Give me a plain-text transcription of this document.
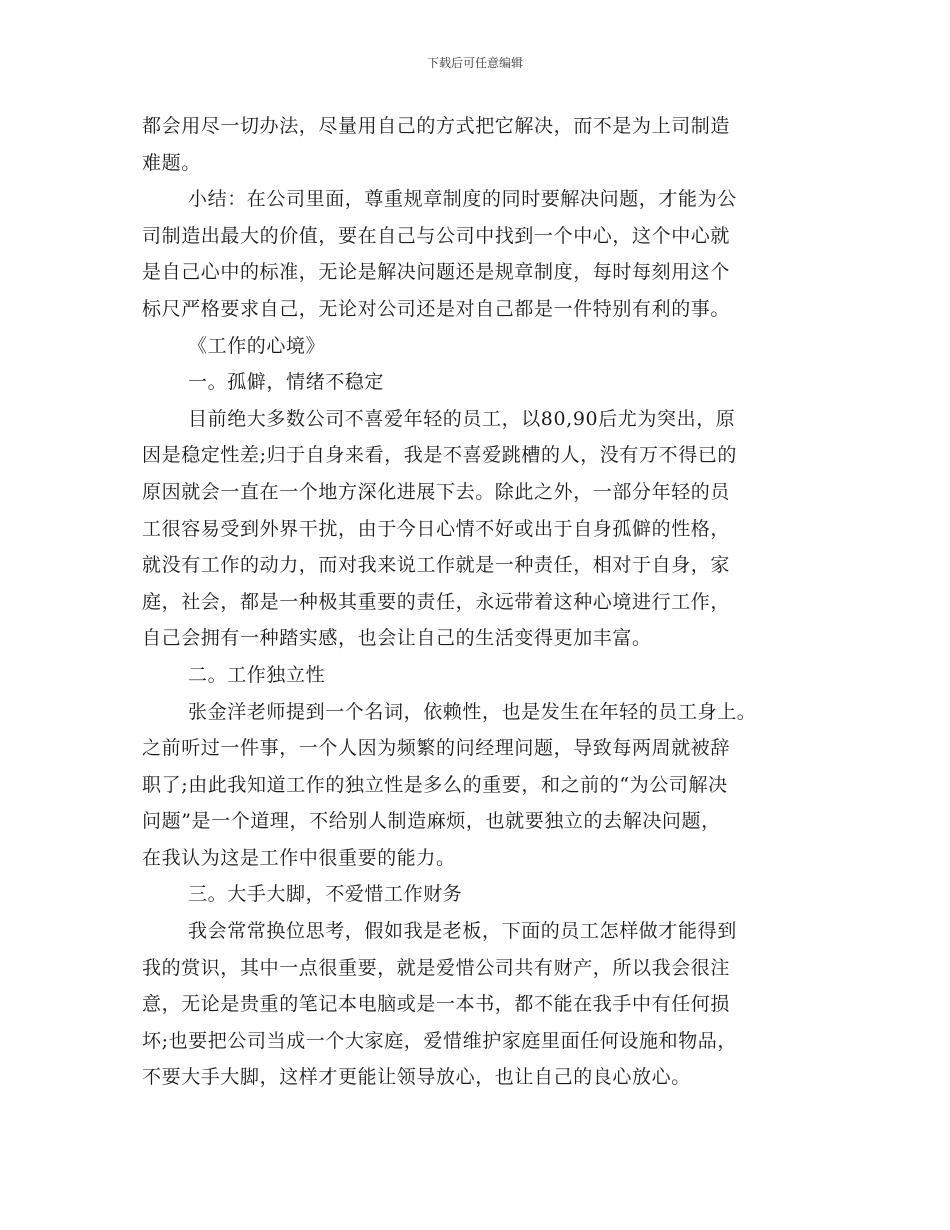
下载后可任意编辑
都会用尽一切办法，尽量用自己的方式把它解决，而不是为上司制造
难题。
小结：在公司里面，尊重规章制度的同时要解决问题，才能为公
司制造出最大的价值，要在自己与公司中找到一个中心，这个中心就
是自己心中的标准，无论是解决问题还是规章制度，每时每刻用这个
标尺严格要求自己，无论对公司还是对自己都是一件特别有利的事。
《工作的心境》
一。孤僻，情绪不稳定
目前绝大多数公司不喜爱年轻的员工，以80,90后尤为突出，原
因是稳定性差;归于自身来看，我是不喜爱跳槽的人，没有万不得已的
原因就会一直在一个地方深化进展下去。除此之外，一部分年轻的员
工很容易受到外界干扰，由于今日心情不好或出于自身孤僻的性格，
就没有工作的动力，而对我来说工作就是一种责任，相对于自身，家
庭，社会，都是一种极其重要的责任，永远带着这种心境进行工作，
自己会拥有一种踏实感，也会让自己的生活变得更加丰富。
二。工作独立性
张金洋老师提到一个名词，依赖性，也是发生在年轻的员工身上。
之前听过一件事，一个人因为频繁的问经理问题，导致每两周就被辞
职了;由此我知道工作的独立性是多么的重要，和之前的“为公司解决
问题”是一个道理，不给别人制造麻烦，也就要独立的去解决问题，
在我认为这是工作中很重要的能力。
三。大手大脚，不爱惜工作财务
我会常常换位思考，假如我是老板，下面的员工怎样做才能得到
我的赏识，其中一点很重要，就是爱惜公司共有财产，所以我会很注
意，无论是贵重的笔记本电脑或是一本书，都不能在我手中有任何损
坏;也要把公司当成一个大家庭，爱惜维护家庭里面任何设施和物品，
不要大手大脚，这样才更能让领导放心，也让自己的良心放心。
